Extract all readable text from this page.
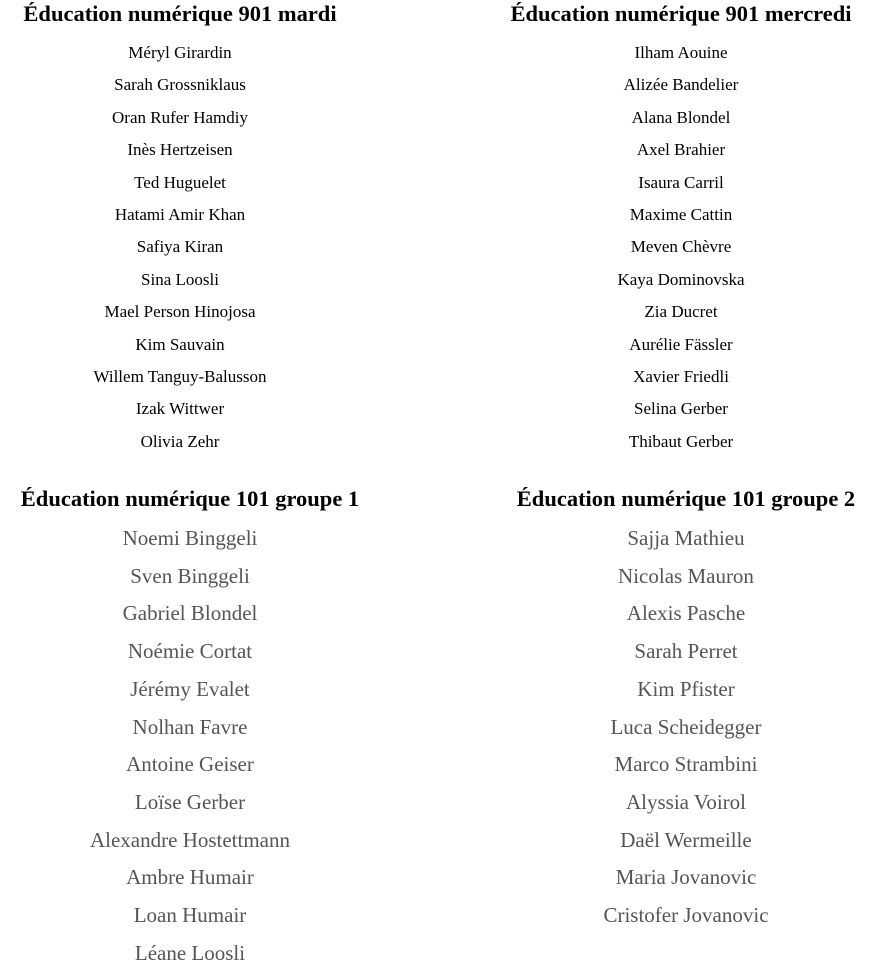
Éducation numérique 901 mardi
Méryl Girardin
Sarah Grossniklaus
Oran Rufer Hamdiy
Inès Hertzeisen
Ted Huguelet
Hatami Amir Khan
Safiya Kiran
Sina Loosli
Mael Person Hinojosa
Kim Sauvain
Willem Tanguy-Balusson
Izak Wittwer
Olivia Zehr
Éducation numérique 901 mercredi
Ilham Aouine
Alizée Bandelier
Alana Blondel
Axel Brahier
Isaura Carril
Maxime Cattin
Meven Chèvre
Kaya Dominovska
Zia Ducret
Aurélie Fässler
Xavier Friedli
Selina Gerber
Thibaut Gerber
Éducation numérique 101 groupe 1
Noemi Binggeli
Sven Binggeli
Gabriel Blondel
Noémie Cortat
Jérémy Evalet
Nolhan Favre
Antoine Geiser
Loïse Gerber
Alexandre Hostettmann
Ambre Humair
Loan Humair
Léane Loosli
Éducation numérique 101 groupe 2
Sajja Mathieu
Nicolas Mauron
Alexis Pasche
Sarah Perret
Kim Pfister
Luca Scheidegger
Marco Strambini
Alyssia Voirol
Daël Wermeille
Maria Jovanovic
Cristofer Jovanovic
